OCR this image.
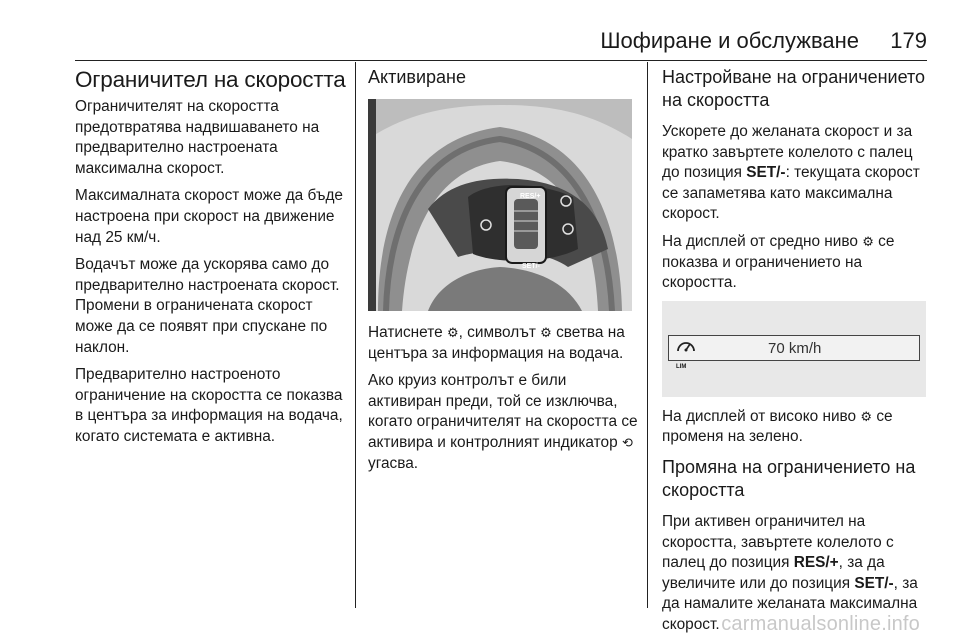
Шофиране и обслужване 179
Ограничител на скоростта

Ограничителят на скоростта предотвратява надвишаването на предварително настроената максимална скорост.

Максималната скорост може да бъде настроена при скорост на движение над 25 км/ч.

Водачът може да ускорява само до предварително настроената скорост. Промени в ограничената скорост може да се появят при спускане по наклон.

Предварително настроеното ограничение на скоростта се показва в центъра за информация на водача, когато системата е активна.

Активиране
RES/+
SET/-

Натиснете ⚙, символът ⚙ светва на центъра за информация на водача.

Ако круиз контролът е били активиран преди, той се изключва, когато ограничителят на скоростта се активира и контролният индикатор ⟲ угасва.

Настройване на ограничението на скоростта

Ускорете до желаната скорост и за кратко завъртете колелото с палец до позиция SET/-: текущата скорост се запаметява като максимална скорост.

На дисплей от средно ниво ⚙ се показва и ограничението на скоростта.

LIM
70 km/h

На дисплей от високо ниво ⚙ се променя на зелено.

Промяна на ограничението на скоростта

При активен ограничител на скоростта, завъртете колелото с палец до позиция RES/+, за да увеличите или до позиция SET/-, за да намалите желаната максимална скорост. carmanualsonline.info
